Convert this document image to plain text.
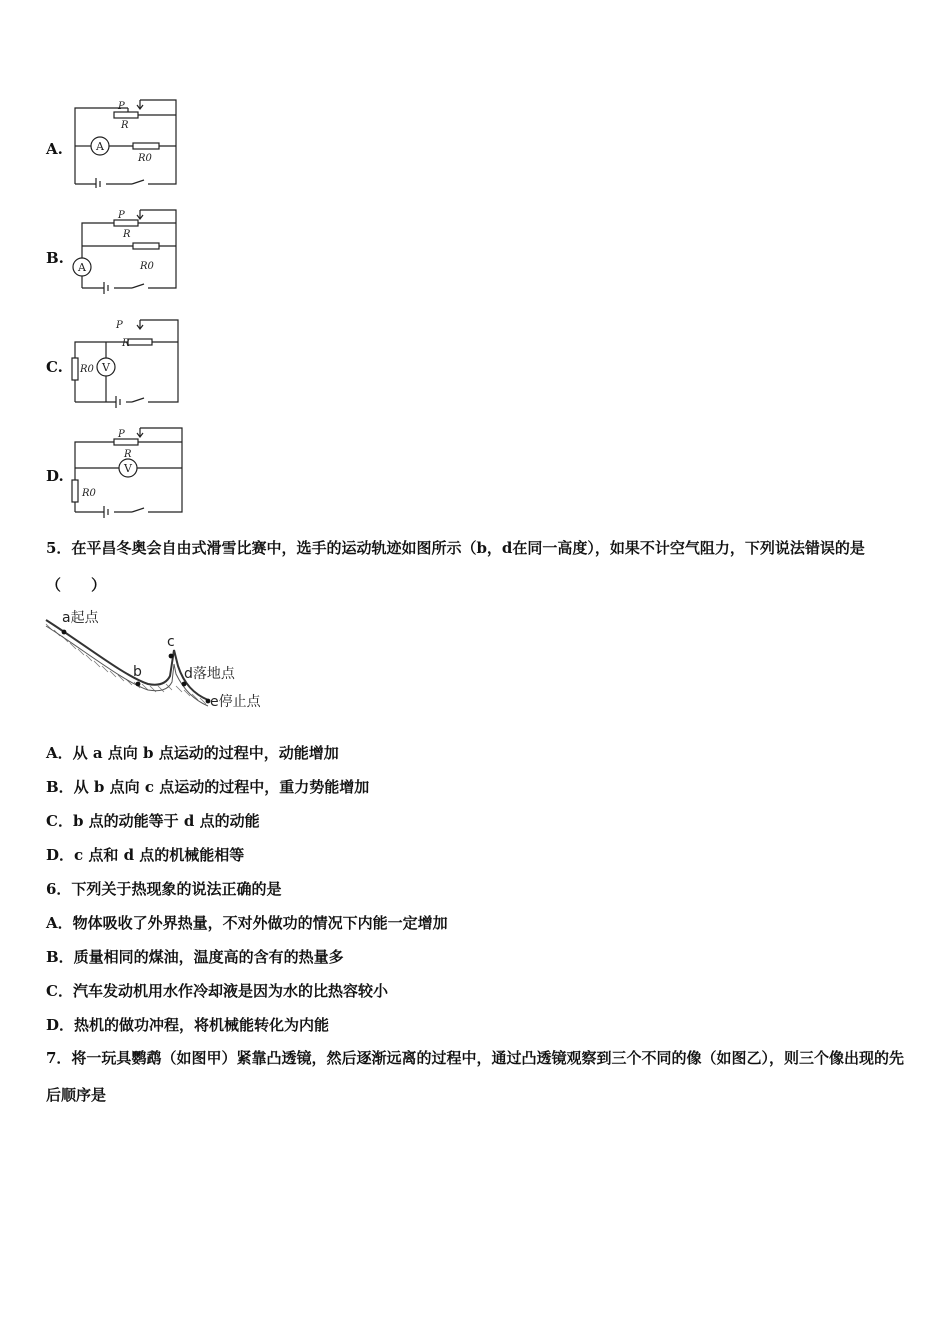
A.	A
P
R
R0
B.
A
P
R
R0
C.	V
P
R
R0
D.	V
P
R
R0
5．在平昌冬奥会自由式滑雪比赛中，选手的运动轨迹如图所示（b，d在同一高度），如果不计空气阻力，下列说法错误的是（　　）
a起点
b
c
d落地点
e停止点
A．从 a 点向 b 点运动的过程中，动能增加
B．从 b 点向 c 点运动的过程中，重力势能增加
C．b 点的动能等于 d 点的动能
D．c 点和 d 点的机械能相等
6．下列关于热现象的说法正确的是
A．物体吸收了外界热量，不对外做功的情况下内能一定增加
B．质量相同的煤油，温度高的含有的热量多
C．汽车发动机用水作冷却液是因为水的比热容较小
D．热机的做功冲程，将机械能转化为内能
7．将一玩具鹦鹉（如图甲）紧靠凸透镜，然后逐渐远离的过程中，通过凸透镜观察到三个不同的像（如图乙），则三个像出现的先后顺序是
